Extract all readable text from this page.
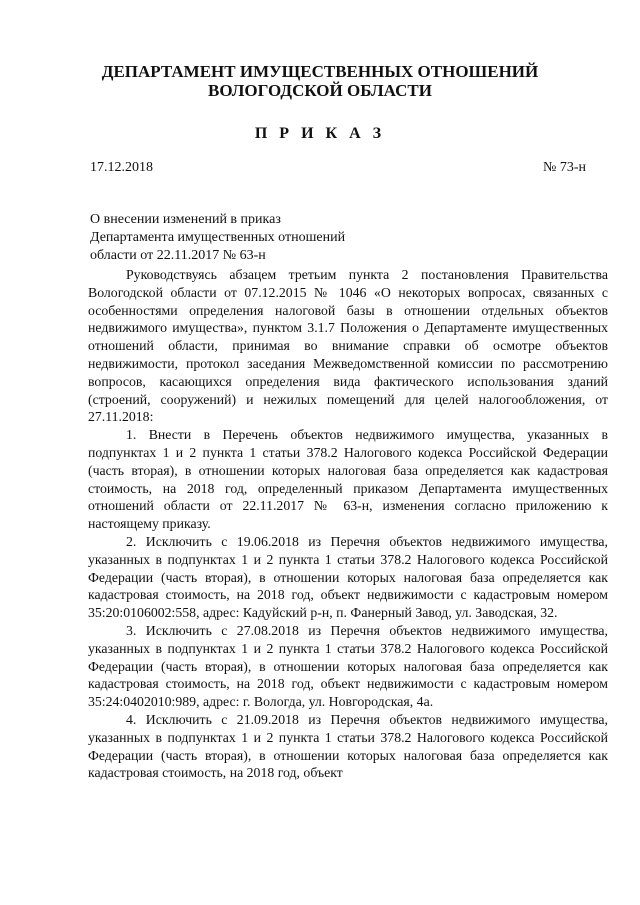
ДЕПАРТАМЕНТ ИМУЩЕСТВЕННЫХ ОТНОШЕНИЙ
ВОЛОГОДСКОЙ ОБЛАСТИ
П Р И К А З
17.12.2018	№ 73-н
О внесении изменений в приказ
Департамента имущественных отношений
области от 22.11.2017 № 63-н

Руководствуясь абзацем третьим пункта 2 постановления Правительства Вологодской области от 07.12.2015 № 1046 «О некоторых вопросах, связанных с особенностями определения налоговой базы в отношении отдельных объектов недвижимого имущества», пунктом 3.1.7 Положения о Департаменте имущественных отношений области, принимая во внимание справки об осмотре объектов недвижимости, протокол заседания Межведомственной комиссии по рассмотрению вопросов, касающихся определения вида фактического использования зданий (строений, сооружений) и нежилых помещений для целей налогообложения, от 27.11.2018:

1. Внести в Перечень объектов недвижимого имущества, указанных в подпунктах 1 и 2 пункта 1 статьи 378.2 Налогового кодекса Российской Федерации (часть вторая), в отношении которых налоговая база определяется как кадастровая стоимость, на 2018 год, определенный приказом Департамента имущественных отношений области от 22.11.2017 № 63-н, изменения согласно приложению к настоящему приказу.

2. Исключить с 19.06.2018 из Перечня объектов недвижимого имущества, указанных в подпунктах 1 и 2 пункта 1 статьи 378.2 Налогового кодекса Российской Федерации (часть вторая), в отношении которых налоговая база определяется как кадастровая стоимость, на 2018 год, объект недвижимости с кадастровым номером 35:20:0106002:558, адрес: Кадуйский р-н, п. Фанерный Завод, ул. Заводская, 32.

3. Исключить с 27.08.2018 из Перечня объектов недвижимого имущества, указанных в подпунктах 1 и 2 пункта 1 статьи 378.2 Налогового кодекса Российской Федерации (часть вторая), в отношении которых налоговая база определяется как кадастровая стоимость, на 2018 год, объект недвижимости с кадастровым номером 35:24:0402010:989, адрес: г. Вологда, ул. Новгородская, 4а.

4. Исключить с 21.09.2018 из Перечня объектов недвижимого имущества, указанных в подпунктах 1 и 2 пункта 1 статьи 378.2 Налогового кодекса Российской Федерации (часть вторая), в отношении которых налоговая база определяется как кадастровая стоимость, на 2018 год, объект
